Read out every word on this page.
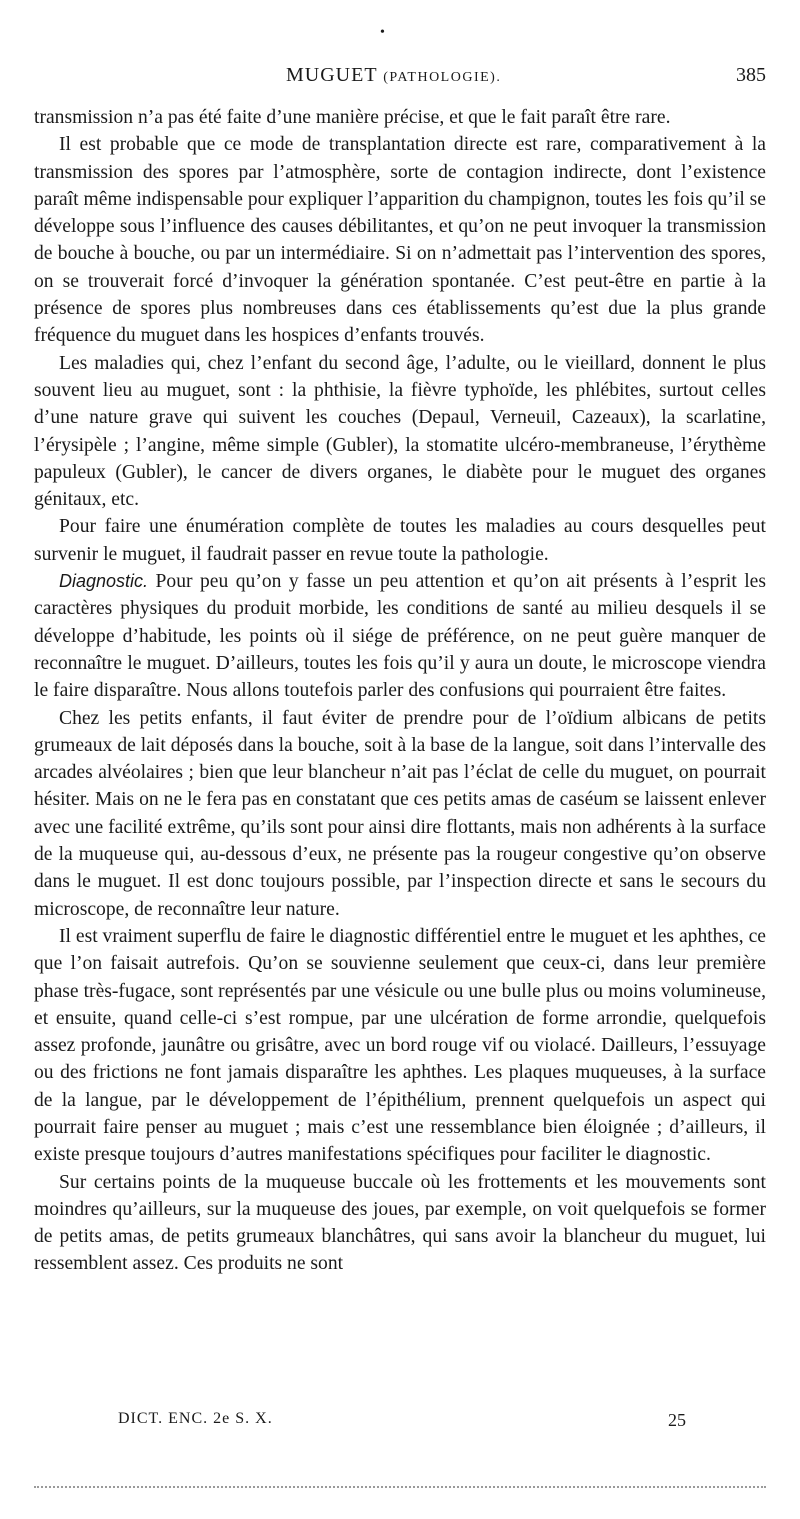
•
MUGUET (PATHOLOGIE).	385

transmission n’a pas été faite d’une manière précise, et que le fait paraît être rare.

Il est probable que ce mode de transplantation directe est rare, comparativement à la transmission des spores par l’atmosphère, sorte de contagion indirecte, dont l’existence paraît même indispensable pour expliquer l’apparition du champignon, toutes les fois qu’il se développe sous l’influence des causes débilitantes, et qu’on ne peut invoquer la transmission de bouche à bouche, ou par un intermédiaire. Si on n’admettait pas l’intervention des spores, on se trouverait forcé d’invoquer la génération spontanée. C’est peut-être en partie à la présence de spores plus nombreuses dans ces établissements qu’est due la plus grande fréquence du muguet dans les hospices d’enfants trouvés.

Les maladies qui, chez l’enfant du second âge, l’adulte, ou le vieillard, donnent le plus souvent lieu au muguet, sont : la phthisie, la fièvre typhoïde, les phlébites, surtout celles d’une nature grave qui suivent les couches (Depaul, Verneuil, Cazeaux), la scarlatine, l’érysipèle ; l’angine, même simple (Gubler), la stomatite ulcéro-membraneuse, l’érythème papuleux (Gubler), le cancer de divers organes, le diabète pour le muguet des organes génitaux, etc.

Pour faire une énumération complète de toutes les maladies au cours desquelles peut survenir le muguet, il faudrait passer en revue toute la pathologie.

Diagnostic. Pour peu qu’on y fasse un peu attention et qu’on ait présents à l’esprit les caractères physiques du produit morbide, les conditions de santé au milieu desquels il se développe d’habitude, les points où il siége de préférence, on ne peut guère manquer de reconnaître le muguet. D’ailleurs, toutes les fois qu’il y aura un doute, le microscope viendra le faire disparaître. Nous allons toutefois parler des confusions qui pourraient être faites.

Chez les petits enfants, il faut éviter de prendre pour de l’oïdium albicans de petits grumeaux de lait déposés dans la bouche, soit à la base de la langue, soit dans l’intervalle des arcades alvéolaires ; bien que leur blancheur n’ait pas l’éclat de celle du muguet, on pourrait hésiter. Mais on ne le fera pas en constatant que ces petits amas de caséum se laissent enlever avec une facilité extrême, qu’ils sont pour ainsi dire flottants, mais non adhérents à la surface de la muqueuse qui, au-dessous d’eux, ne présente pas la rougeur congestive qu’on observe dans le muguet. Il est donc toujours possible, par l’inspection directe et sans le secours du microscope, de reconnaître leur nature.

Il est vraiment superflu de faire le diagnostic différentiel entre le muguet et les aphthes, ce que l’on faisait autrefois. Qu’on se souvienne seulement que ceux-ci, dans leur première phase très-fugace, sont représentés par une vésicule ou une bulle plus ou moins volumineuse, et ensuite, quand celle-ci s’est rompue, par une ulcération de forme arrondie, quelquefois assez profonde, jaunâtre ou grisâtre, avec un bord rouge vif ou violacé. Dailleurs, l’essuyage ou des frictions ne font jamais disparaître les aphthes. Les plaques muqueuses, à la surface de la langue, par le développement de l’épithélium, prennent quelquefois un aspect qui pourrait faire penser au muguet ; mais c’est une ressemblance bien éloignée ; d’ailleurs, il existe presque toujours d’autres manifestations spécifiques pour faciliter le diagnostic.

Sur certains points de la muqueuse buccale où les frottements et les mouvements sont moindres qu’ailleurs, sur la muqueuse des joues, par exemple, on voit quelquefois se former de petits amas, de petits grumeaux blanchâtres, qui sans avoir la blancheur du muguet, lui ressemblent assez. Ces produits ne sont

DICT. ENC. 2e S. X.	25
